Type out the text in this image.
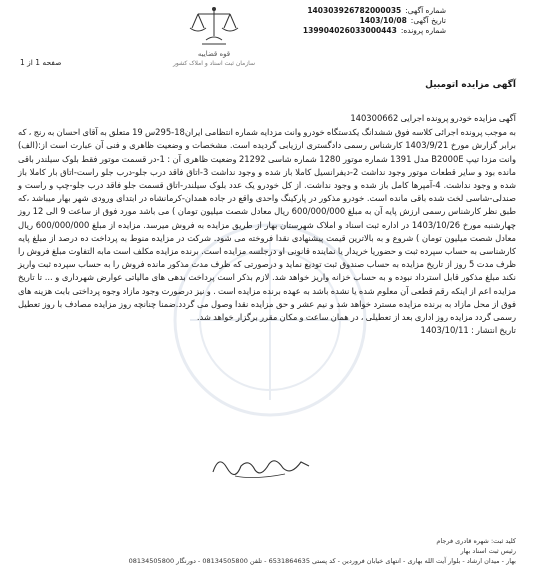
شماره آگهی:
140303926782000035
تاریخ آگهی:
1403/10/08
شماره پرونده:
139904026033000443
قوه قضاییه
سازمان ثبت اسناد و املاک کشور
صفحه 1 از 1
آگهی مزایده اتومبیل

آگهی مزایده خودرو پرونده اجرایی 140300662

به موجب پرونده اجرائی کلاسه فوق ششدانگ یکدستگاه خودرو وانت مزدایه شماره انتظامی ایران18-295س 19 متعلق به آقای احسان به رنج ، که برابر گزارش مورخ 1403/9/21 کارشناس رسمی دادگستری ارزیابی گردیده است. مشخصات و وضعیت ظاهری و فنی آن عبارت است از:(الف) وانت مزدا تیپ B2000E مدل 1391 شماره موتور 1280 شماره شاسی 21292 وضعیت ظاهری آن : 1-در قسمت موتور فقط بلوک سیلندر باقی مانده بود و سایر قطعات موتور وجود نداشت 2-دیفرانسیل کاملا باز شده و وجود نداشت 3-اتاق فاقد درب جلو-درب جلو راست-اتاق بار کاملا باز شده و وجود نداشت. 4-آمپرها کامل باز شده و وجود نداشت. از کل خودرو یک عدد بلوک سیلندر-اتاق قسمت جلو فاقد درب جلو-چپ و راست و صندلی-شاسی لخت شده باقی مانده است. خودرو مذکور در پارکینگ واحدی واقع در جاده همدان-کرمانشاه در ابتدای ورودی شهر بهار میباشد ،که طبق نظر کارشناس رسمی ارزش پایه آن به مبلغ 600/000/000 ریال معادل شصت میلیون تومان ) می باشد مورد فوق از ساعت 9 الی 12 روز چهارشنبه مورخ 1403/10/26 در اداره ثبت اسناد و املاک شهرستان بهار از طریق مزایده به فروش میرسد. مزایده از مبلغ 600/000/000 ریال معادل شصت میلیون تومان ) شروع و به بالاترین قیمت پیشنهادی نقدا فروخته می شود. شرکت در مزایده منوط به پرداخت ده درصد از مبلغ پایه کارشناسی به حساب سپرده ثبت و حضوریا خریدار یا نماینده قانونی او درجلسه مزایده است. برنده مزایده مکلف است مابه التفاوت مبلغ فروش را ظرف مدت 5 روز از تاریخ مزایده به حساب صندوق ثبت تودیع نماید و درصورتی که ظرف مدت مذکور مانده فروش را به حساب سپرده ثبت واریز نکند مبلغ مذکور قابل استرداد نبوده و به حساب خزانه واریز خواهد شد. لازم بذکر است پرداخت بدهی های مالیاتی عوارض شهرداری و ... تا تاریخ مزایده اعم از اینکه رقم قطعی آن معلوم شده یا نشده باشد به عهده برنده مزایده است . و نیز درصورت وجود مازاد وجوه پرداختی بابت هزینه های فوق از محل مازاد به برنده مزایده مسترد خواهد شد و نیم عشر و حق مزایده نقدا وصول می گردد.ضمنا چنانچه روز مزایده مصادف با روز تعطیل رسمی گردد مزایده روز اداری بعد از تعطیلی ، در همان ساعت و مکان مقرر برگزار خواهد شد.

تاریخ انتشار : 1403/10/11

کلید ثبت: شهره قادری فرجام
رئیس ثبت اسناد بهار
بهار - میدان ارشاد - بلوار آیت الله بهاری - انتهای خیابان فروردین - کد پستی 6531864635 - تلفن 08134505800 - دورنگار 08134505800
